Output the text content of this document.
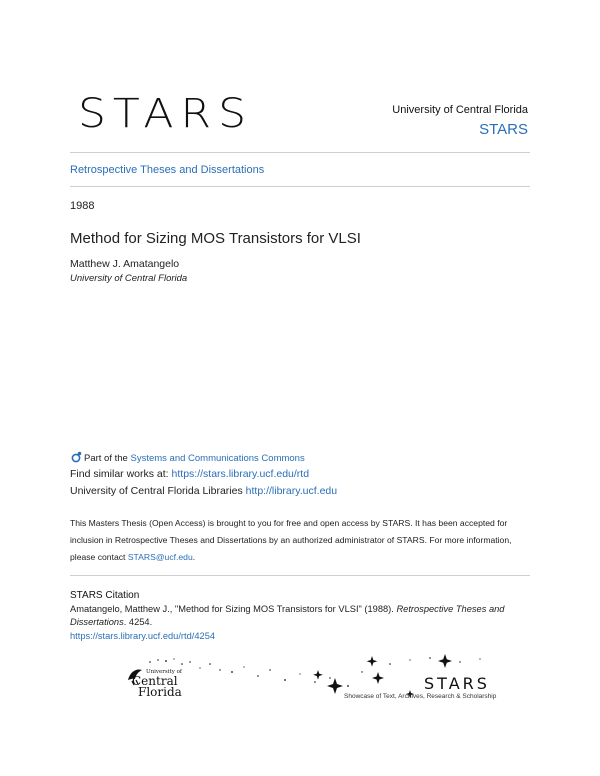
STARS	University of Central Florida
STARS
Retrospective Theses and Dissertations
1988
Method for Sizing MOS Transistors for VLSI
Matthew J. Amatangelo
University of Central Florida
Part of the Systems and Communications Commons
Find similar works at: https://stars.library.ucf.edu/rtd
University of Central Florida Libraries http://library.ucf.edu
This Masters Thesis (Open Access) is brought to you for free and open access by STARS. It has been accepted for
inclusion in Retrospective Theses and Dissertations by an authorized administrator of STARS. For more information,
please contact STARS@ucf.edu.
STARS Citation
Amatangelo, Matthew J., "Method for Sizing MOS Transistors for VLSI" (1988). Retrospective Theses and Dissertations. 4254.
https://stars.library.ucf.edu/rtd/4254
University of
Central
Florida	STARS
Showcase of Text, Archives, Research & Scholarship
